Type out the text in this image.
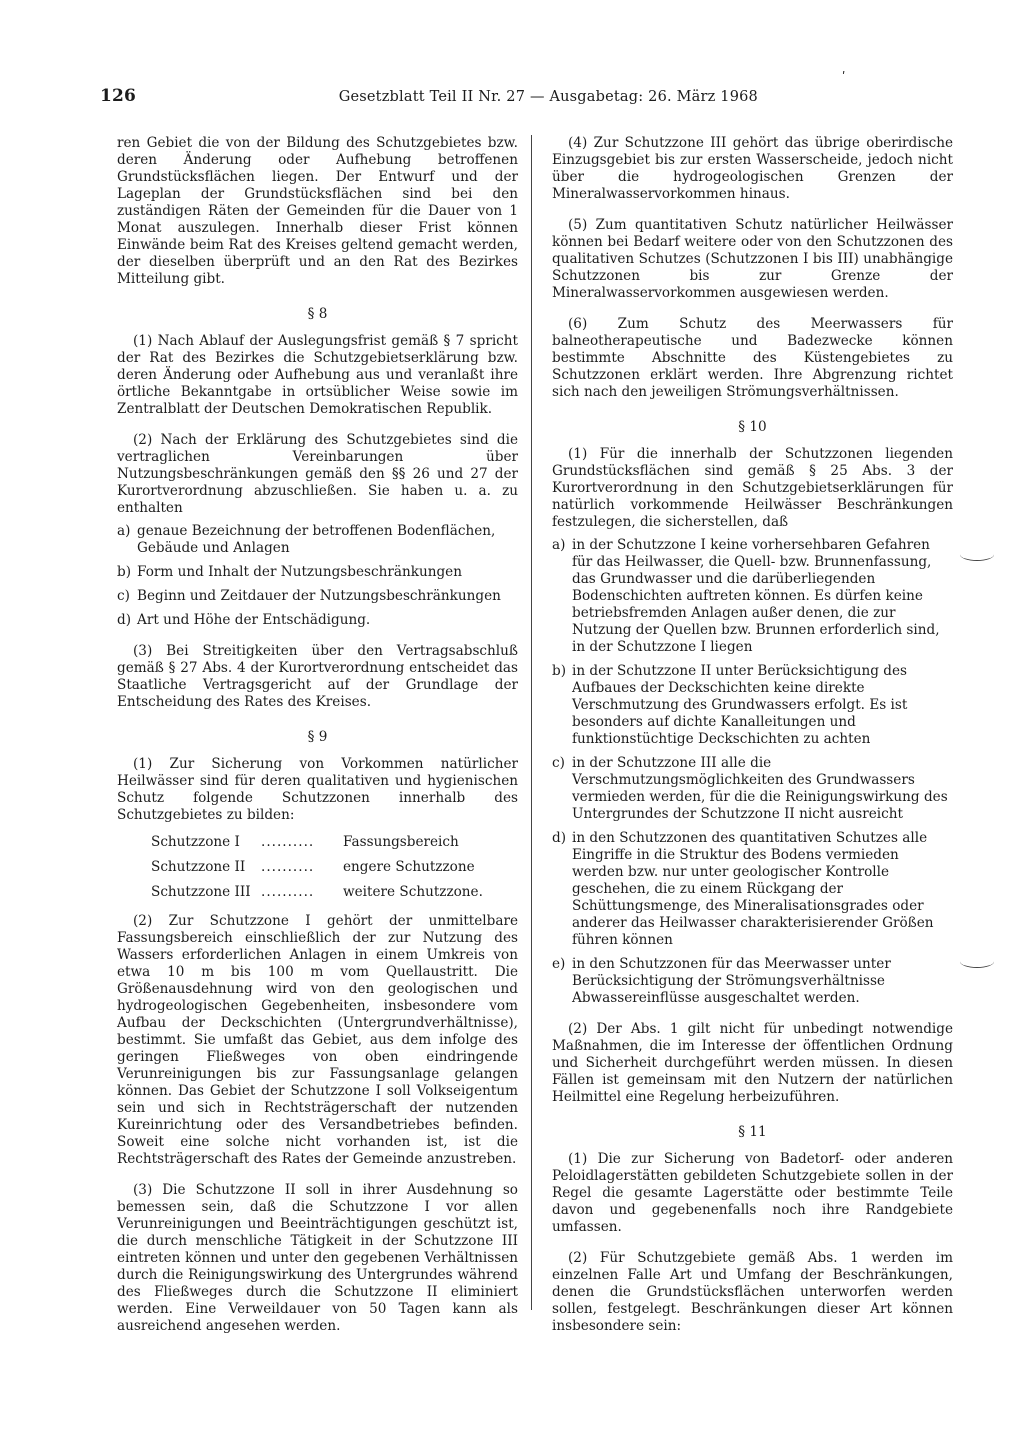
126	Gesetzblatt Teil II Nr. 27 — Ausgabetag: 26. März 1968
ʹ

ren Gebiet die von der Bildung des Schutzgebietes bzw. deren Änderung oder Aufhebung betroffenen Grundstücksflächen liegen. Der Entwurf und der Lageplan der Grundstücksflächen sind bei den zuständigen Räten der Gemeinden für die Dauer von 1 Monat auszulegen. Innerhalb dieser Frist können Einwände beim Rat des Kreises geltend gemacht werden, der dieselben überprüft und an den Rat des Bezirkes Mitteilung gibt.

§ 8

(1) Nach Ablauf der Auslegungsfrist gemäß § 7 spricht der Rat des Bezirkes die Schutzgebietserklärung bzw. deren Änderung oder Aufhebung aus und veranlaßt ihre örtliche Bekanntgabe in ortsüblicher Weise sowie im Zentralblatt der Deutschen Demokratischen Republik.

(2) Nach der Erklärung des Schutzgebietes sind die vertraglichen Vereinbarungen über Nutzungsbeschränkungen gemäß den §§ 26 und 27 der Kurortverordnung abzuschließen. Sie haben u. a. zu enthalten

a) genaue Bezeichnung der betroffenen Bodenflächen, Gebäude und Anlagen
b) Form und Inhalt der Nutzungsbeschränkungen
c) Beginn und Zeitdauer der Nutzungsbeschränkungen
d) Art und Höhe der Entschädigung.

(3) Bei Streitigkeiten über den Vertragsabschluß gemäß § 27 Abs. 4 der Kurortverordnung entscheidet das Staatliche Vertragsgericht auf der Grundlage der Entscheidung des Rates des Kreises.

§ 9

(1) Zur Sicherung von Vorkommen natürlicher Heilwässer sind für deren qualitativen und hygienischen Schutz folgende Schutzzonen innerhalb des Schutzgebietes zu bilden:

Schutzzone I	..........	Fassungsbereich
Schutzzone II	..........	engere Schutzzone
Schutzzone III ..........	weitere Schutzzone.

(2) Zur Schutzzone I gehört der unmittelbare Fassungsbereich einschließlich der zur Nutzung des Wassers erforderlichen Anlagen in einem Umkreis von etwa 10 m bis 100 m vom Quellaustritt. Die Größenausdehnung wird von den geologischen und hydrogeologischen Gegebenheiten, insbesondere vom Aufbau der Deckschichten (Untergrundverhältnisse), bestimmt. Sie umfaßt das Gebiet, aus dem infolge des geringen Fließweges von oben eindringende Verunreinigungen bis zur Fassungsanlage gelangen können. Das Gebiet der Schutzzone I soll Volkseigentum sein und sich in Rechtsträgerschaft der nutzenden Kureinrichtung oder des Versandbetriebes befinden. Soweit eine solche nicht vorhanden ist, ist die Rechtsträgerschaft des Rates der Gemeinde anzustreben.

(3) Die Schutzzone II soll in ihrer Ausdehnung so bemessen sein, daß die Schutzzone I vor allen Verunreinigungen und Beeinträchtigungen geschützt ist, die durch menschliche Tätigkeit in der Schutzzone III eintreten können und unter den gegebenen Verhältnissen durch die Reinigungswirkung des Untergrundes während des Fließweges durch die Schutzzone II eliminiert werden. Eine Verweildauer von 50 Tagen kann als ausreichend angesehen werden.

(4) Zur Schutzzone III gehört das übrige oberirdische Einzugsgebiet bis zur ersten Wasserscheide, jedoch nicht über die hydrogeologischen Grenzen der Mineralwasservorkommen hinaus.

(5) Zum quantitativen Schutz natürlicher Heilwässer können bei Bedarf weitere oder von den Schutzzonen des qualitativen Schutzes (Schutzzonen I bis III) unabhängige Schutzzonen bis zur Grenze der Mineralwasservorkommen ausgewiesen werden.

(6) Zum Schutz des Meerwassers für balneotherapeutische und Badezwecke können bestimmte Abschnitte des Küstengebietes zu Schutzzonen erklärt werden. Ihre Abgrenzung richtet sich nach den jeweiligen Strömungsverhältnissen.

§ 10

(1) Für die innerhalb der Schutzzonen liegenden Grundstücksflächen sind gemäß § 25 Abs. 3 der Kurortverordnung in den Schutzgebietserklärungen für natürlich vorkommende Heilwässer Beschränkungen festzulegen, die sicherstellen, daß

a) in der Schutzzone I keine vorhersehbaren Gefahren für das Heilwasser, die Quell- bzw. Brunnenfassung, das Grundwasser und die darüberliegenden Bodenschichten auftreten können. Es dürfen keine betriebsfremden Anlagen außer denen, die zur Nutzung der Quellen bzw. Brunnen erforderlich sind, in der Schutzzone I liegen
b) in der Schutzzone II unter Berücksichtigung des Aufbaues der Deckschichten keine direkte Verschmutzung des Grundwassers erfolgt. Es ist besonders auf dichte Kanalleitungen und funktionstüchtige Deckschichten zu achten
c) in der Schutzzone III alle die Verschmutzungsmöglichkeiten des Grundwassers vermieden werden, für die die Reinigungswirkung des Untergrundes der Schutzzone II nicht ausreicht
d) in den Schutzzonen des quantitativen Schutzes alle Eingriffe in die Struktur des Bodens vermieden werden bzw. nur unter geologischer Kontrolle geschehen, die zu einem Rückgang der Schüttungsmenge, des Mineralisationsgrades oder anderer das Heilwasser charakterisierender Größen führen können
e) in den Schutzzonen für das Meerwasser unter Berücksichtigung der Strömungsverhältnisse Abwassereinflüsse ausgeschaltet werden.

(2) Der Abs. 1 gilt nicht für unbedingt notwendige Maßnahmen, die im Interesse der öffentlichen Ordnung und Sicherheit durchgeführt werden müssen. In diesen Fällen ist gemeinsam mit den Nutzern der natürlichen Heilmittel eine Regelung herbeizuführen.

§ 11

(1) Die zur Sicherung von Badetorf- oder anderen Peloidlagerstätten gebildeten Schutzgebiete sollen in der Regel die gesamte Lagerstätte oder bestimmte Teile davon und gegebenenfalls noch ihre Randgebiete umfassen.

(2) Für Schutzgebiete gemäß Abs. 1 werden im einzelnen Falle Art und Umfang der Beschränkungen, denen die Grundstücksflächen unterworfen werden sollen, festgelegt. Beschränkungen dieser Art können insbesondere sein:
